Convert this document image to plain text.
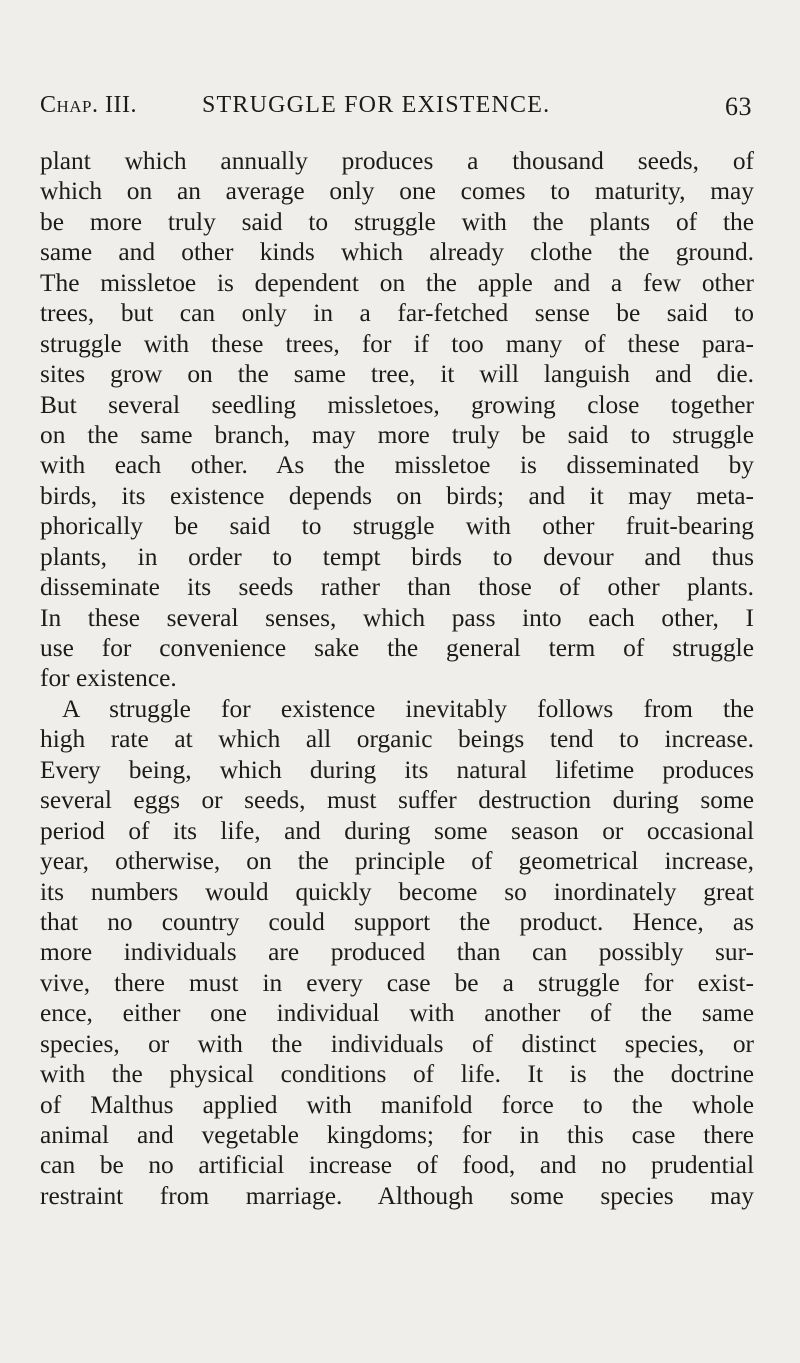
Chap. III.	STRUGGLE FOR EXISTENCE.	63
plant which annually produces a thousand seeds, of
which on an average only one comes to maturity, may
be more truly said to struggle with the plants of the
same and other kinds which already clothe the ground.
The missletoe is dependent on the apple and a few other
trees, but can only in a far-fetched sense be said to
struggle with these trees, for if too many of these para-
sites grow on the same tree, it will languish and die.
But several seedling missletoes, growing close together
on the same branch, may more truly be said to struggle
with each other. As the missletoe is disseminated by
birds, its existence depends on birds; and it may meta-
phorically be said to struggle with other fruit-bearing
plants, in order to tempt birds to devour and thus
disseminate its seeds rather than those of other plants.
In these several senses, which pass into each other, I
use for convenience sake the general term of struggle
for existence.
A struggle for existence inevitably follows from the
high rate at which all organic beings tend to increase.
Every being, which during its natural lifetime produces
several eggs or seeds, must suffer destruction during some
period of its life, and during some season or occasional
year, otherwise, on the principle of geometrical increase,
its numbers would quickly become so inordinately great
that no country could support the product. Hence, as
more individuals are produced than can possibly sur-
vive, there must in every case be a struggle for exist-
ence, either one individual with another of the same
species, or with the individuals of distinct species, or
with the physical conditions of life. It is the doctrine
of Malthus applied with manifold force to the whole
animal and vegetable kingdoms; for in this case there
can be no artificial increase of food, and no prudential
restraint from marriage. Although some species may
